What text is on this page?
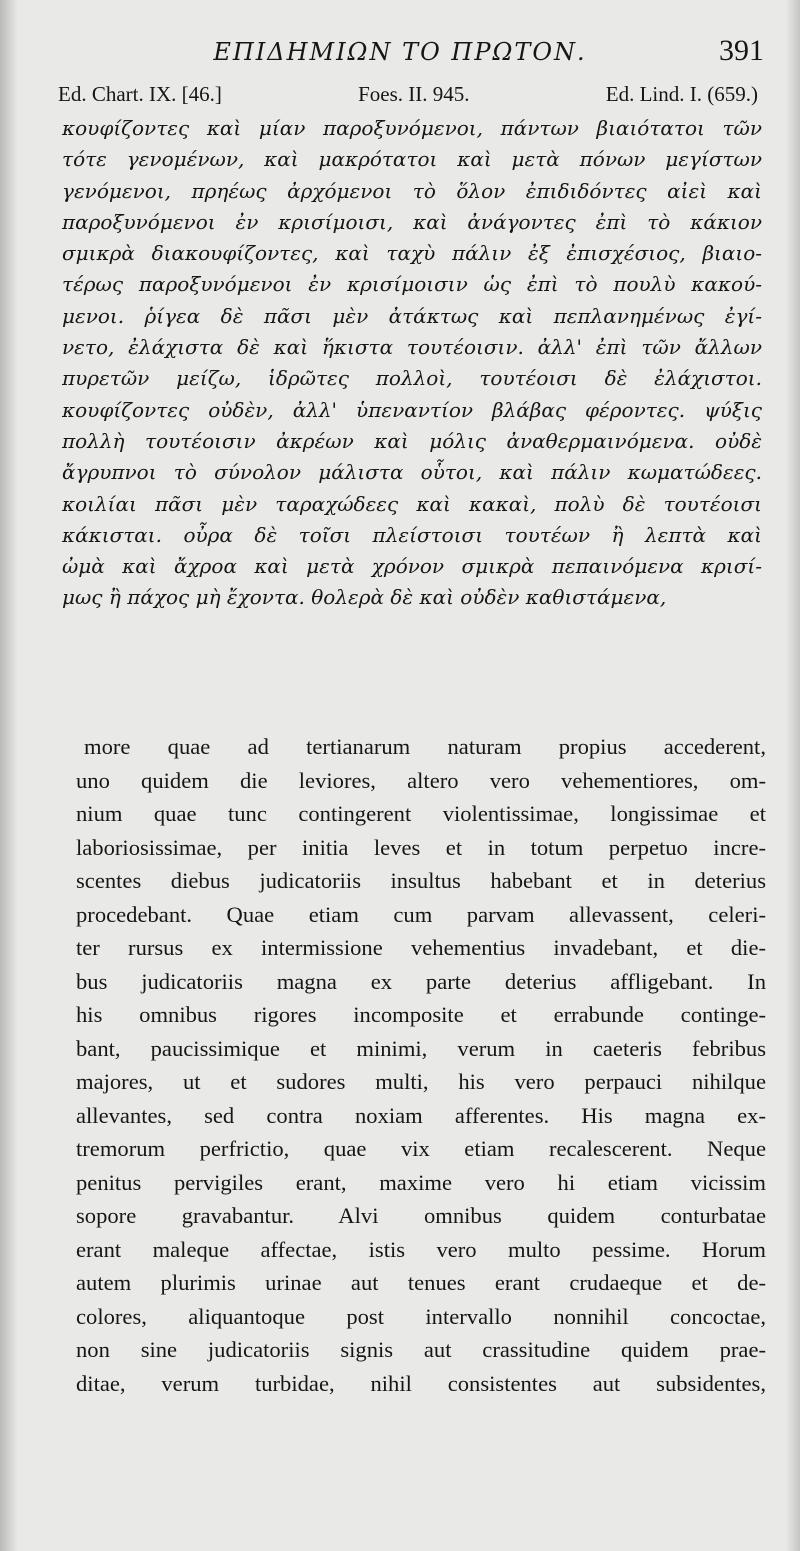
ΕΠΙΔΗΜΙΩΝ ΤΟ ΠΡΩΤΟΝ.	391
Ed. Chart. IX. [46.]	Foes. II. 945.	Ed. Lind. I. (659.)
κουφίζοντες καὶ μίαν παροξυνόμενοι, πάντων βιαιότατοι τῶν
τότε γενομένων, καὶ μακρότατοι καὶ μετὰ πόνων μεγίστων
γενόμενοι, πρηέως ἀρχόμενοι τὸ ὅλον ἐπιδιδόντες αἰεὶ καὶ
παροξυνόμενοι ἐν κρισίμοισι, καὶ ἀνάγοντες ἐπὶ τὸ κάκιον
σμικρὰ διακουφίζοντες, καὶ ταχὺ πάλιν ἐξ ἐπισχέσιος, βιαιο-
τέρως παροξυνόμενοι ἐν κρισίμοισιν ὡς ἐπὶ τὸ πουλὺ κακού-
μενοι. ῥίγεα δὲ πᾶσι μὲν ἀτάκτως καὶ πεπλανημένως ἐγί-
νετο, ἐλάχιστα δὲ καὶ ἥκιστα τουτέοισιν. ἀλλ' ἐπὶ τῶν ἄλλων
πυρετῶν μείζω, ἱδρῶτες πολλοὶ, τουτέοισι δὲ ἐλάχιστοι.
κουφίζοντες οὐδὲν, ἀλλ' ὑπεναντίον βλάβας φέροντες. ψύξις
πολλὴ τουτέοισιν ἀκρέων καὶ μόλις ἀναθερμαινόμενα. οὐδὲ
ἄγρυπνοι τὸ σύνολον μάλιστα οὗτοι, καὶ πάλιν κωματώδεες.
κοιλίαι πᾶσι μὲν ταραχώδεες καὶ κακαὶ, πολὺ δὲ τουτέοισι
κάκισται. οὖρα δὲ τοῖσι πλείστοισι τουτέων ἢ λεπτὰ καὶ
ὠμὰ καὶ ἄχροα καὶ μετὰ χρόνον σμικρὰ πεπαινόμενα κρισί-
μως ἢ πάχος μὴ ἔχοντα. θολερὰ δὲ καὶ οὐδὲν καθιστάμενα,
more quae ad tertianarum naturam propius accederent,
uno quidem die leviores, altero vero vehementiores, om-
nium quae tunc contingerent violentissimae, longissimae et
laboriosissimae, per initia leves et in totum perpetuo incre-
scentes diebus judicatoriis insultus habebant et in deterius
procedebant. Quae etiam cum parvam allevassent, celeri-
ter rursus ex intermissione vehementius invadebant, et die-
bus judicatoriis magna ex parte deterius affligebant. In
his omnibus rigores incomposite et errabunde continge-
bant, paucissimique et minimi, verum in caeteris febribus
majores, ut et sudores multi, his vero perpauci nihilque
allevantes, sed contra noxiam afferentes. His magna ex-
tremorum perfrictio, quae vix etiam recalescerent. Neque
penitus pervigiles erant, maxime vero hi etiam vicissim
sopore gravabantur. Alvi omnibus quidem conturbatae
erant maleque affectae, istis vero multo pessime. Horum
autem plurimis urinae aut tenues erant crudaeque et de-
colores, aliquantoque post intervallo nonnihil concoctae,
non sine judicatoriis signis aut crassitudine quidem prae-
ditae, verum turbidae, nihil consistentes aut subsidentes,
